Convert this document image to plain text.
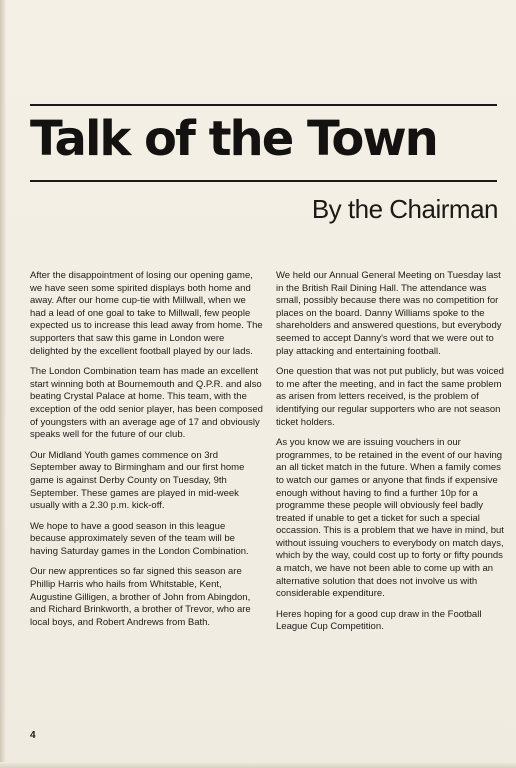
Talk of the Town
By the Chairman

After the disappointment of losing our opening game, we have seen some spirited displays both home and away. After our home cup-tie with Millwall, when we had a lead of one goal to take to Millwall, few people expected us to increase this lead away from home. The supporters that saw this game in London were delighted by the excellent football played by our lads.

The London Combination team has made an excellent start winning both at Bournemouth and Q.P.R. and also beating Crystal Palace at home. This team, with the exception of the odd senior player, has been composed of youngsters with an average age of 17 and obviously speaks well for the future of our club.

Our Midland Youth games commence on 3rd September away to Birmingham and our first home game is against Derby County on Tuesday, 9th September. These games are played in mid-week usually with a 2.30 p.m. kick-off.

We hope to have a good season in this league because approximately seven of the team will be having Saturday games in the London Combination.

Our new apprentices so far signed this season are Phillip Harris who hails from Whitstable, Kent, Augustine Gilligen, a brother of John from Abingdon, and Richard Brinkworth, a brother of Trevor, who are local boys, and Robert Andrews from Bath.

We held our Annual General Meeting on Tuesday last in the British Rail Dining Hall. The attendance was small, possibly because there was no competition for places on the board. Danny Williams spoke to the shareholders and answered questions, but everybody seemed to accept Danny's word that we were out to play attacking and entertaining football.

One question that was not put publicly, but was voiced to me after the meeting, and in fact the same problem as arisen from letters received, is the problem of identifying our regular supporters who are not season ticket holders.

As you know we are issuing vouchers in our programmes, to be retained in the event of our having an all ticket match in the future. When a family comes to watch our games or anyone that finds if expensive enough without having to find a further 10p for a programme these people will obviously feel badly treated if unable to get a ticket for such a special occassion. This is a problem that we have in mind, but without issuing vouchers to everybody on match days, which by the way, could cost up to forty or fifty pounds a match, we have not been able to come up with an alternative solution that does not involve us with considerable expenditure.

Heres hoping for a good cup draw in the Football League Cup Competition.

4
